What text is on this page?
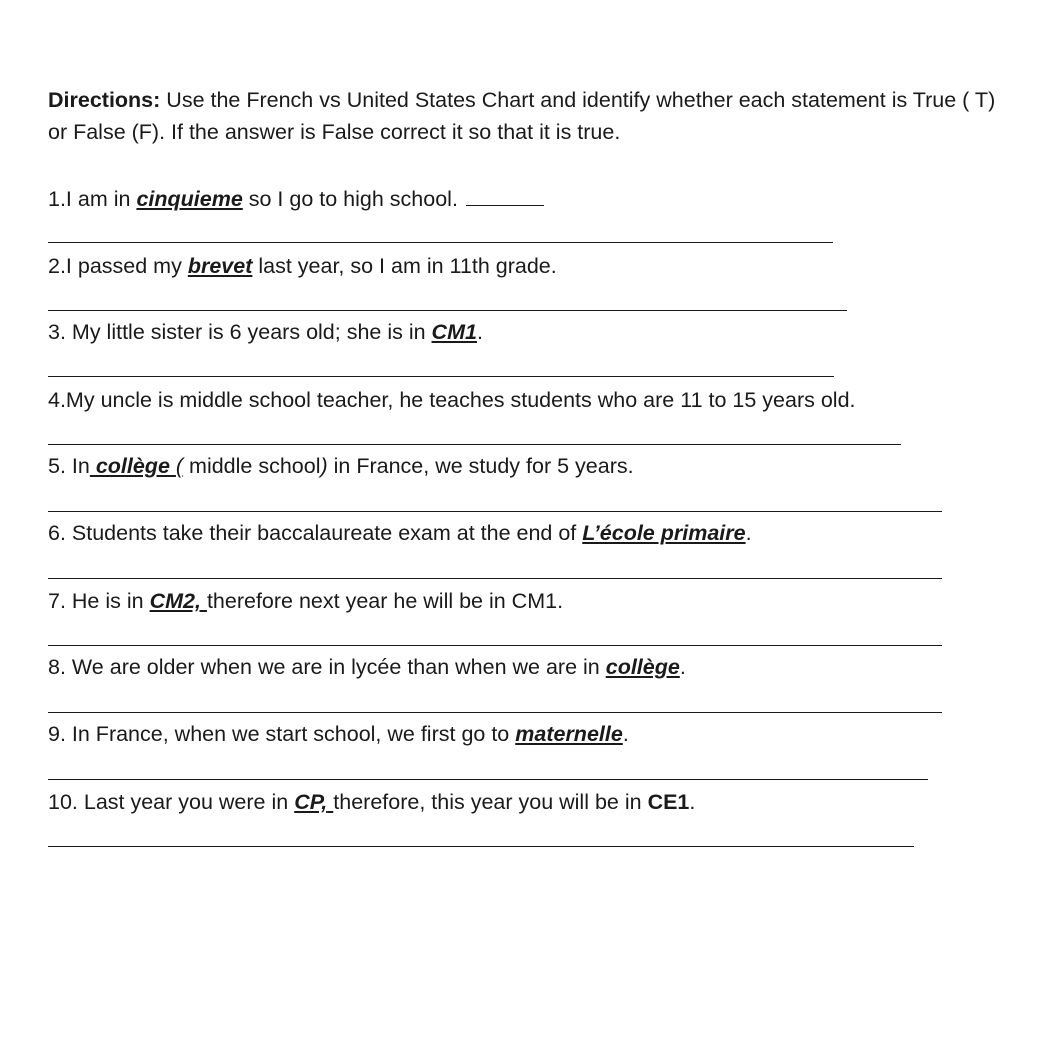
Directions: Use the French vs United States Chart and identify whether each statement is True ( T) or False (F). If the answer is False correct it so that it is true.
1.I am in cinquieme so I go to high school.
2.I passed my brevet last year, so I am in 11th grade.
3. My little sister is 6 years old; she is in CM1.
4.My uncle is middle school teacher, he teaches students who are 11 to 15 years old.
5. In collège ( middle school) in France, we study for 5 years.
6. Students take their baccalaureate exam at the end of L’école primaire.
7. He is in CM2, therefore next year he will be in CM1.
8. We are older when we are in lycée than when we are in collège.
9. In France, when we start school, we first go to maternelle.
10. Last year you were in CP, therefore, this year you will be in CE1.
